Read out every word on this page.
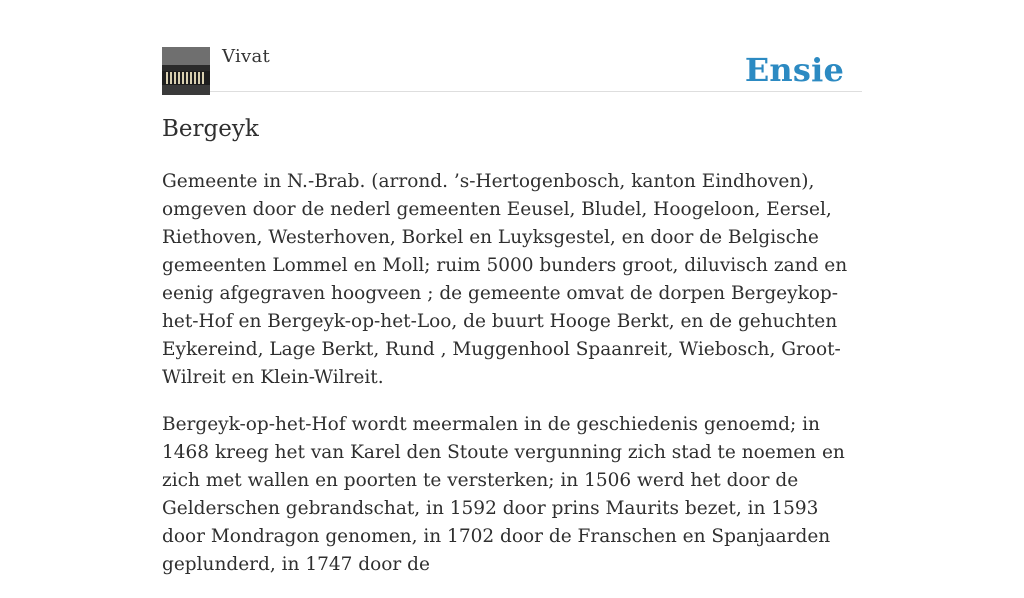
Vivat	Ensie
Bergeyk

Gemeente in N.-Brab. (arrond. ’s-Hertogenbosch, kanton Eindhoven), omgeven door de nederl gemeenten Eeusel, Bludel, Hoogeloon, Eersel, Riethoven, Westerhoven, Borkel en Luyksgestel, en door de Belgische gemeenten Lommel en Moll; ruim 5000 bunders groot, diluvisch zand en eenig afgegraven hoogveen ; de gemeente omvat de dorpen Bergeykop-het-Hof en Bergeyk-op-het-Loo, de buurt Hooge Berkt, en de gehuchten Eykereind, Lage Berkt, Rund , Muggenhool Spaanreit, Wiebosch, Groot-Wilreit en Klein-Wilreit.

Bergeyk-op-het-Hof wordt meermalen in de geschiedenis genoemd; in 1468 kreeg het van Karel den Stoute vergunning zich stad te noemen en zich met wallen en poorten te versterken; in 1506 werd het door de Gelderschen gebrandschat, in 1592 door prins Maurits bezet, in 1593 door Mondragon genomen, in 1702 door de Franschen en Spanjaarden geplunderd, in 1747 door de
